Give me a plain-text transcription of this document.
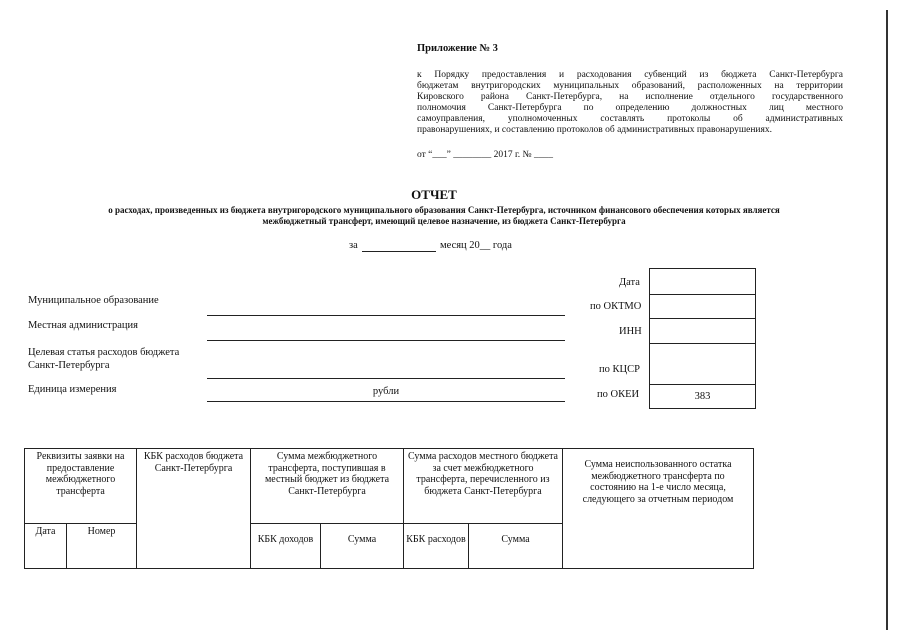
Приложение № 3
к Порядку предоставления и расходования субвенций из бюджета Санкт-Петербурга
бюджетам внутригородских муниципальных образований, расположенных на территории
Кировского района Санкт-Петербурга, на исполнение отдельного государственного
полномочия Санкт-Петербурга по определению должностных лиц местного
самоуправления, уполномоченных составлять протоколы об административных
правонарушениях, и составлению протоколов об административных правонарушениях.
от “___” ________ 2017 г. № ____
ОТЧЕТ
о расходах, произведенных из бюджета внутригородского муниципального образования Санкт-Петербурга, источником финансового обеспечения которых является
межбюджетный трансферт, имеющий целевое назначение, из бюджета Санкт-Петербурга
за	месяц 20__ года
Муниципальное образование
Местная администрация
Целевая статья расходов бюджета
Санкт-Петербурга
Единица измерения	рубли
Дата
по ОКТМО
ИНН
по КЦСР
по ОКЕИ	383
Реквизиты заявки на предоставление межбюджетного трансферта
Дата	Номер
КБК расходов бюджета Санкт-Петербурга
Сумма межбюджетного трансферта, поступившая в местный бюджет из бюджета Санкт-Петербурга
КБК доходов	Сумма
Сумма расходов местного бюджета за счет межбюджетного трансферта, перечисленного из бюджета Санкт-Петербурга
КБК расходов	Сумма
Сумма неиспользованного остатка межбюджетного трансферта по состоянию на 1-е число месяца, следующего за отчетным периодом
